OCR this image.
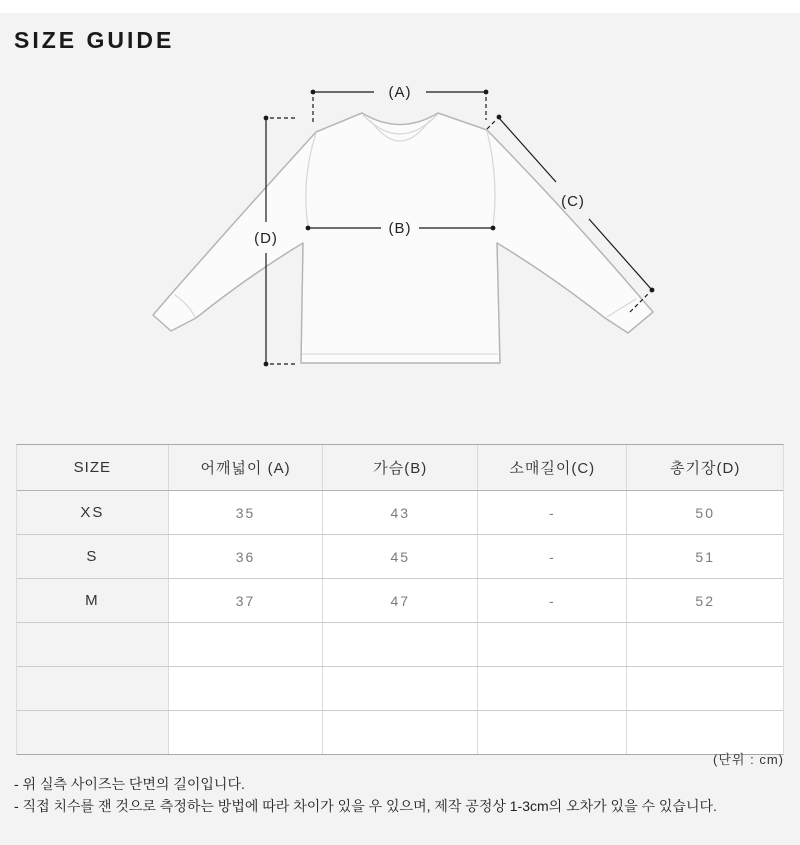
SIZE GUIDE
(A)
(B)
(C)
(D)
SIZE	어깨넓이 (A)	가슴(B)	소매길이(C)	총기장(D)
XS	35	43	-	50
S	36	45	-	51
M	37	47	-	52
(단위 : cm)
- 위 실측 사이즈는 단면의 길이입니다.
- 직접 치수를 잰 것으로 측정하는 방법에 따라 차이가 있을 우 있으며, 제작 공정상 1-3cm의 오차가 있을 수 있습니다.
